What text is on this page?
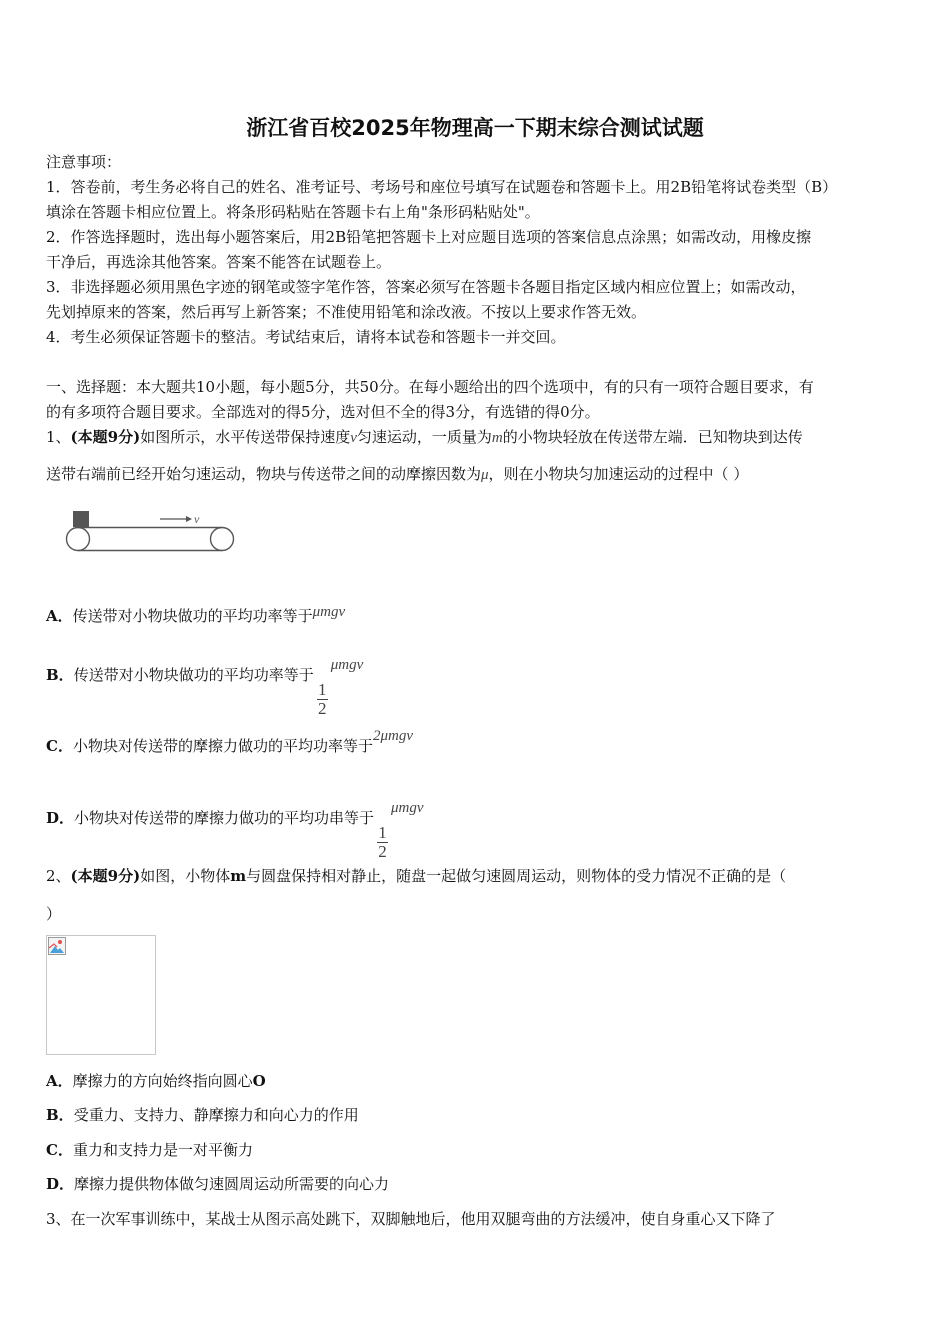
浙江省百校2025年物理高一下期末综合测试试题
注意事项：
1．答卷前，考生务必将自己的姓名、准考证号、考场号和座位号填写在试题卷和答题卡上。用2B铅笔将试卷类型（B）
填涂在答题卡相应位置上。将条形码粘贴在答题卡右上角"条形码粘贴处"。
2．作答选择题时，选出每小题答案后，用2B铅笔把答题卡上对应题目选项的答案信息点涂黑；如需改动，用橡皮擦
干净后，再选涂其他答案。答案不能答在试题卷上。
3．非选择题必须用黑色字迹的钢笔或签字笔作答，答案必须写在答题卡各题目指定区域内相应位置上；如需改动，
先划掉原来的答案，然后再写上新答案；不准使用铅笔和涂改液。不按以上要求作答无效。
4．考生必须保证答题卡的整洁。考试结束后，请将本试卷和答题卡一并交回。
一、选择题：本大题共10小题，每小题5分，共50分。在每小题给出的四个选项中，有的只有一项符合题目要求，有
的有多项符合题目要求。全部选对的得5分，选对但不全的得3分，有选错的得0分。
1、(本题9分)如图所示，水平传送带保持速度v匀速运动，一质量为m的小物块轻放在传送带左端．已知物块到达传
送带右端前已经开始匀速运动，物块与传送带之间的动摩擦因数为μ，则在小物块匀加速运动的过程中（ ）
v
A．传送带对小物块做功的平均功率等于μmgv
B．传送带对小物块做功的平均功率等于
$\frac{1}{2}$
μmgv
C．小物块对传送带的摩擦力做功的平均功率等于2μmgv
D．小物块对传送带的摩擦力做功的平均功串等于
$\frac{1}{2}$
μmgv
2、(本题9分)如图，小物体m与圆盘保持相对静止，随盘一起做匀速圆周运动，则物体的受力情况不正确的是（
）
A．摩擦力的方向始终指向圆心O
B．受重力、支持力、静摩擦力和向心力的作用
C．重力和支持力是一对平衡力
D．摩擦力提供物体做匀速圆周运动所需要的向心力
3、在一次军事训练中，某战士从图示高处跳下，双脚触地后，他用双腿弯曲的方法缓冲，使自身重心又下降了
